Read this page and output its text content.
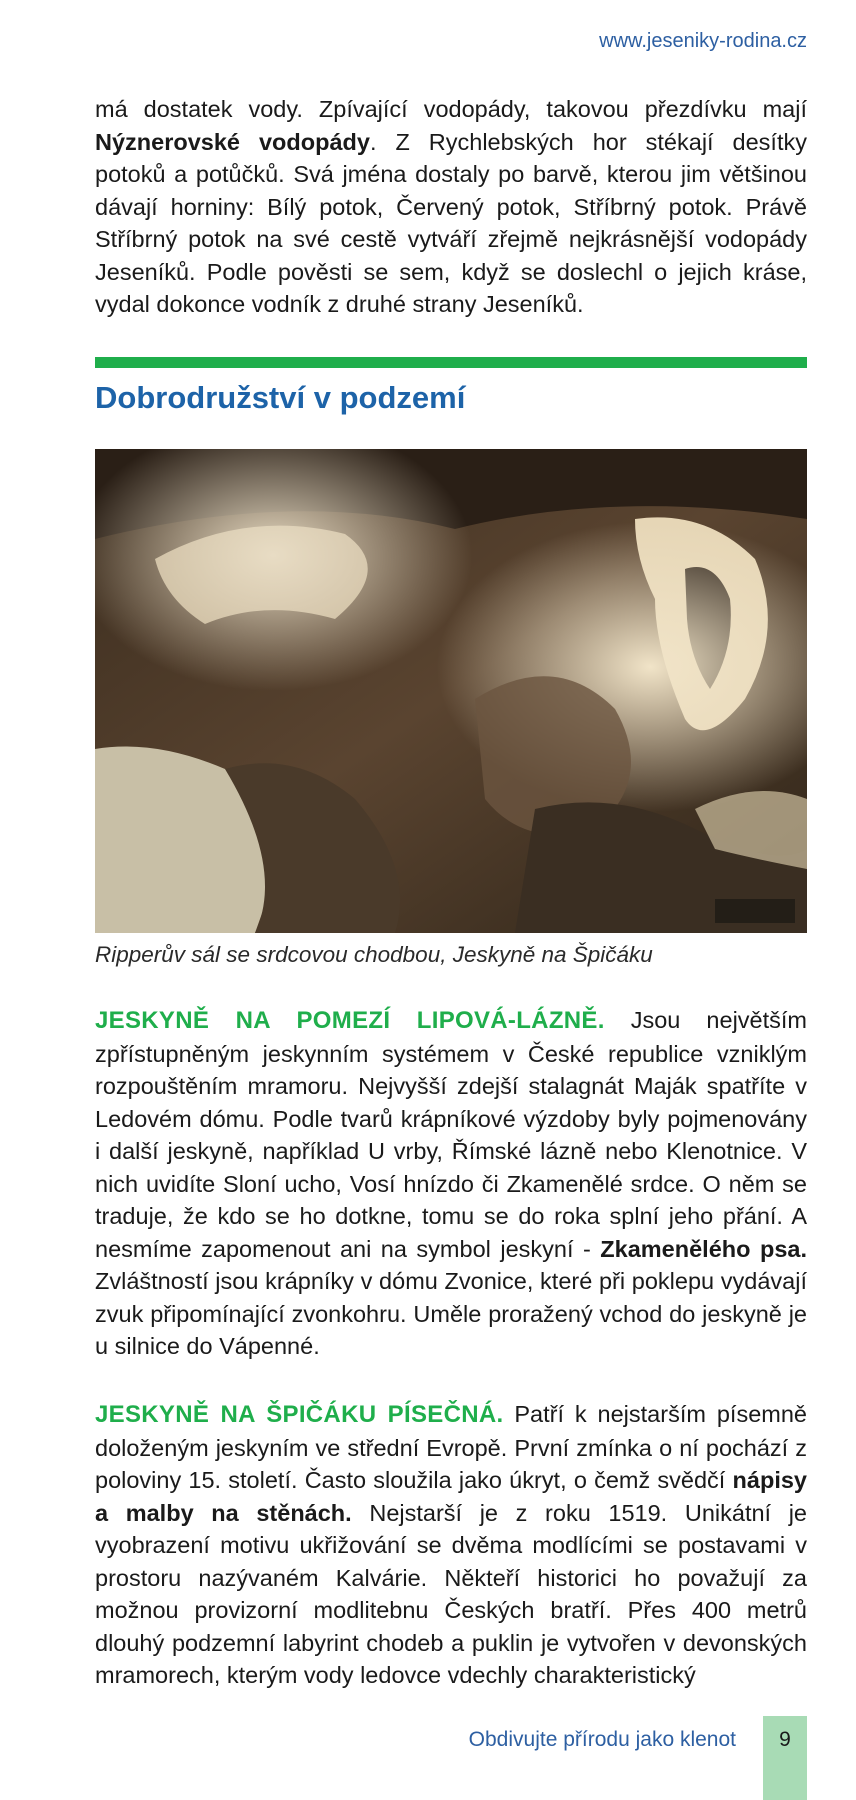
www.jeseniky-rodina.cz

má dostatek vody. Zpívající vodopády, takovou přezdívku mají Nýznerovské vodopády. Z Rychlebských hor stékají desítky potoků a potůčků. Svá jména dostaly po barvě, kterou jim většinou dávají horniny: Bílý potok, Červený potok, Stříbrný potok. Právě Stříbrný potok na své cestě vytváří zřejmě nejkrásnější vodopády Jeseníků. Podle pověsti se sem, když se doslechl o jejich kráse, vydal dokonce vodník z druhé strany Jeseníků.

Dobrodružství v podzemí
Ripperův sál se srdcovou chodbou, Jeskyně na Špičáku

JESKYNĚ NA POMEZÍ LIPOVÁ-LÁZNĚ. Jsou největším zpřístupněným jeskynním systémem v České republice vzniklým rozpouštěním mramoru. Nejvyšší zdejší stalagnát Maják spatříte v Ledovém dómu. Podle tvarů krápníkové výzdoby byly pojmenovány i další jeskyně, například U vrby, Římské lázně nebo Klenotnice. V nich uvidíte Sloní ucho, Vosí hnízdo či Zkamenělé srdce. O něm se traduje, že kdo se ho dotkne, tomu se do roka splní jeho přání. A nesmíme zapomenout ani na symbol jeskyní - Zkamenělého psa. Zvláštností jsou krápníky v dómu Zvonice, které při poklepu vydávají zvuk připomínající zvonkohru. Uměle proražený vchod do jeskyně je u silnice do Vápenné.

JESKYNĚ NA ŠPIČÁKU PÍSEČNÁ. Patří k nejstarším písemně doloženým jeskyním ve střední Evropě. První zmínka o ní pochází z poloviny 15. století. Často sloužila jako úkryt, o čemž svědčí nápisy a malby na stěnách. Nejstarší je z roku 1519. Unikátní je vyobrazení motivu ukřižování se dvěma modlícími se postavami v prostoru nazývaném Kalvárie. Někteří historici ho považují za možnou provizorní modlitebnu Českých bratří. Přes 400 metrů dlouhý podzemní labyrint chodeb a puklin je vytvořen v devonských mramorech, kterým vody ledovce vdechly charakteristický

Obdivujte přírodu jako klenot 9
